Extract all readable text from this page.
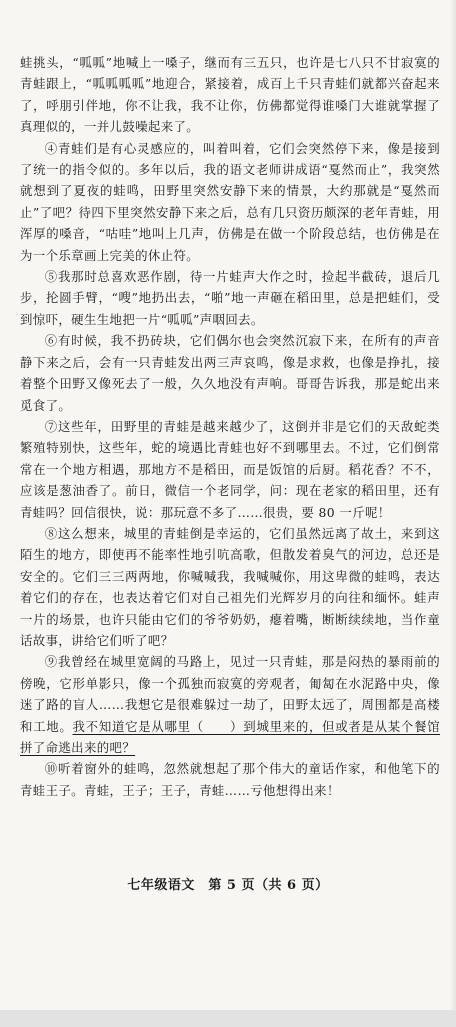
蛙挑头，“呱呱”地喊上一嗓子，继而有三五只，也许是七八只不甘寂寞的青蛙跟上，“呱呱呱呱”地迎合，紧接着，成百上千只青蛙们就都兴奋起来了，呼朋引伴地，你不让我，我不让你，仿佛都觉得谁嗓门大谁就掌握了真理似的，一并儿鼓噪起来了。

④青蛙们是有心灵感应的，叫着叫着，它们会突然停下来，像是接到了统一的指令似的。多年以后，我的语文老师讲成语“戛然而止”，我突然就想到了夏夜的蛙鸣，田野里突然安静下来的情景，大约那就是“戛然而止”了吧？待四下里突然安静下来之后，总有几只资历颇深的老年青蛙，用浑厚的嗓音，“咕哇”地叫上几声，仿佛是在做一个阶段总结，也仿佛是在为一个乐章画上完美的休止符。

⑤我那时总喜欢恶作剧，待一片蛙声大作之时，捡起半截砖，退后几步，抡圆手臂，“嗖”地扔出去，“啪”地一声砸在稻田里，总是把蛙们，受到惊吓，硬生生地把一片“呱呱”声咽回去。

⑥有时候，我不扔砖块，它们偶尔也会突然沉寂下来，在所有的声音静下来之后，会有一只青蛙发出两三声哀鸣，像是求救，也像是挣扎，接着整个田野又像死去了一般，久久地没有声响。哥哥告诉我，那是蛇出来觅食了。

⑦这些年，田野里的青蛙是越来越少了，这倒并非是它们的天敌蛇类繁殖特别快，这些年，蛇的境遇比青蛙也好不到哪里去。不过，它们倒常常在一个地方相遇，那地方不是稻田，而是饭馆的后厨。稻花香？不不，应该是葱油香了。前日，微信一个老同学，问：现在老家的稻田里，还有青蛙吗？回信很快，说：那玩意不多了……很贵，要 80 一斤呢！

⑧这么想来，城里的青蛙倒是幸运的，它们虽然远离了故土，来到这陌生的地方，即使再不能率性地引吭高歌，但散发着臭气的河边，总还是安全的。它们三三两两地，你喊喊我，我喊喊你，用这卑微的蛙鸣，表达着它们的存在，也表达着它们对自己祖先们光辉岁月的向往和缅怀。蛙声一片的场景，也许只能由它们的爷爷奶奶，瘪着嘴，断断续续地，当作童话故事，讲给它们听了吧？

⑨我曾经在城里宽阔的马路上，见过一只青蛙，那是闷热的暴雨前的傍晚，它形单影只，像一个孤独而寂寞的旁观者，匍匐在水泥路中央，像迷了路的盲人……我想它是很难躲过一劫了，田野太远了，周围都是高楼和工地。我不知道它是从哪里（　　）到城里来的，但或者是从某个餐馆拼了命逃出来的吧？

⑩听着窗外的蛙鸣，忽然就想起了那个伟大的童话作家，和他笔下的青蛙王子。青蛙，王子；王子，青蛙……亏他想得出来！

七年级语文　第 5 页（共 6 页）
